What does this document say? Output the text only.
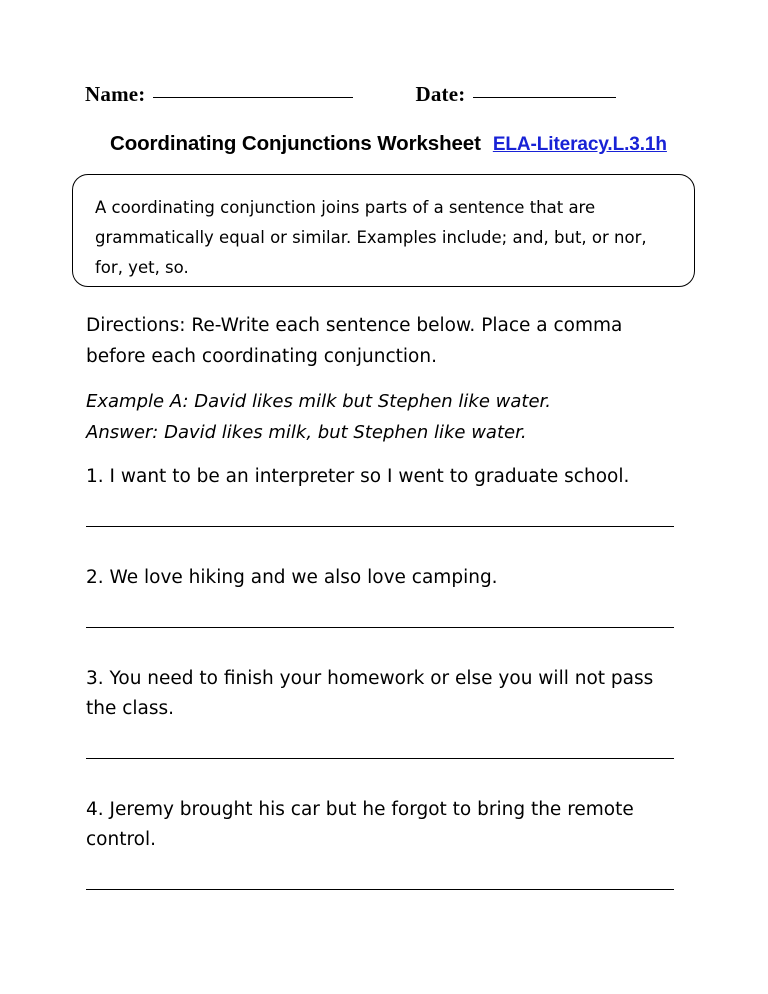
Name:	Date:
Coordinating Conjunctions Worksheet ELA-Literacy.L.3.1h
A coordinating conjunction joins parts of a sentence that are grammatically equal or similar. Examples include; and, but, or nor, for, yet, so.
Directions: Re-Write each sentence below. Place a comma before each coordinating conjunction.
Example A: David likes milk but Stephen like water.
Answer: David likes milk, but Stephen like water.
1. I want to be an interpreter so I went to graduate school.
2. We love hiking and we also love camping.
3. You need to finish your homework or else you will not pass the class.
4. Jeremy brought his car but he forgot to bring the remote control.
